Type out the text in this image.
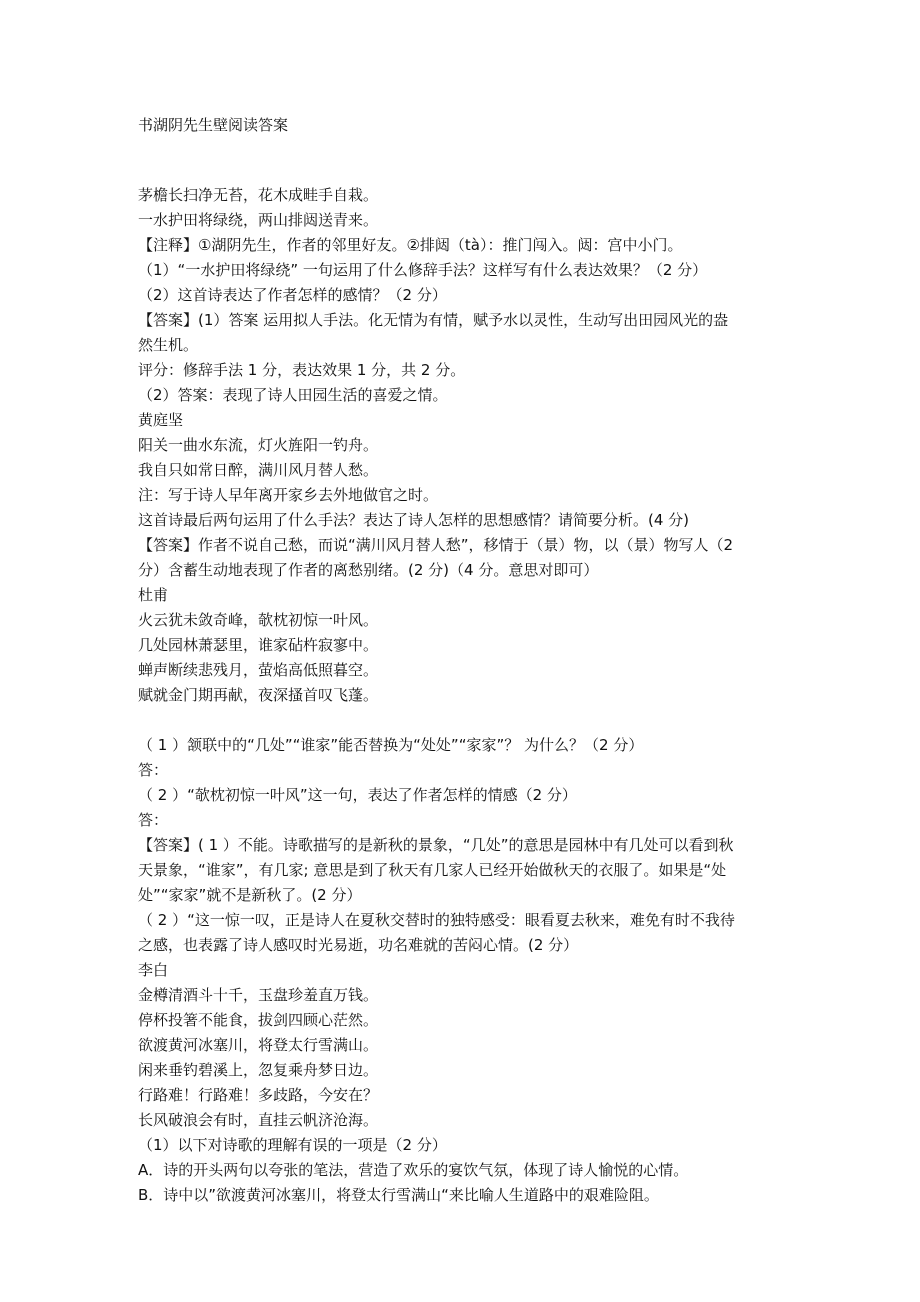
书湖阴先生壁阅读答案
茅檐长扫净无苔，花木成畦手自栽。
一水护田将绿绕，两山排闼送青来。
【注释】①湖阴先生，作者的邻里好友。②排闼（tà）：推门闯入。闼：宫中小门。
（1）“一水护田将绿绕” 一句运用了什么修辞手法？这样写有什么表达效果？（2 分）
（2）这首诗表达了作者怎样的感情？（2 分）
【答案】(1）答案 运用拟人手法。化无情为有情，赋予水以灵性，生动写出田园风光的盎
然生机。
评分：修辞手法 1 分，表达效果 1 分，共 2 分。
（2）答案：表现了诗人田园生活的喜爱之情。
黄庭坚
阳关一曲水东流，灯火旌阳一钓舟。
我自只如常日醉，满川风月替人愁。
注：写于诗人早年离开家乡去外地做官之时。
这首诗最后两句运用了什么手法？表达了诗人怎样的思想感情？请简要分析。(4 分)
【答案】作者不说自己愁，而说“满川风月替人愁”，移情于（景）物，以（景）物写人（2
分）含蓄生动地表现了作者的离愁别绪。(2 分)（4 分。意思对即可）
杜甫
火云犹未敛奇峰，欹枕初惊一叶风。
几处园林萧瑟里，谁家砧杵寂寥中。
蝉声断续悲残月，萤焰高低照暮空。
赋就金门期再献，夜深搔首叹飞蓬。
（ 1 ）颔联中的“几处”“谁家”能否替换为“处处”“家家”？ 为什么？（2 分）
答：
（ 2 ）“欹枕初惊一叶风”这一句，表达了作者怎样的情感（2 分）
答：
【答案】( 1 ）不能。诗歌描写的是新秋的景象，“几处”的意思是园林中有几处可以看到秋
天景象，“谁家”，有几家; 意思是到了秋天有几家人已经开始做秋天的衣服了。如果是“处
处”“家家”就不是新秋了。(2 分）
（ 2 ）“这一惊一叹，正是诗人在夏秋交替时的独特感受：眼看夏去秋来，难免有时不我待
之感，也表露了诗人感叹时光易逝，功名难就的苦闷心情。(2 分）
李白
金樽清酒斗十千，玉盘珍羞直万钱。
停杯投箸不能食，拔剑四顾心茫然。
欲渡黄河冰塞川，将登太行雪满山。
闲来垂钓碧溪上，忽复乘舟梦日边。
行路难！行路难！多歧路，今安在？
长风破浪会有时，直挂云帆济沧海。
（1）以下对诗歌的理解有误的一项是（2 分）
A．诗的开头两句以夸张的笔法，营造了欢乐的宴饮气氛，体现了诗人愉悦的心情。
B．诗中以”欲渡黄河冰塞川，将登太行雪满山“来比喻人生道路中的艰难险阻。
